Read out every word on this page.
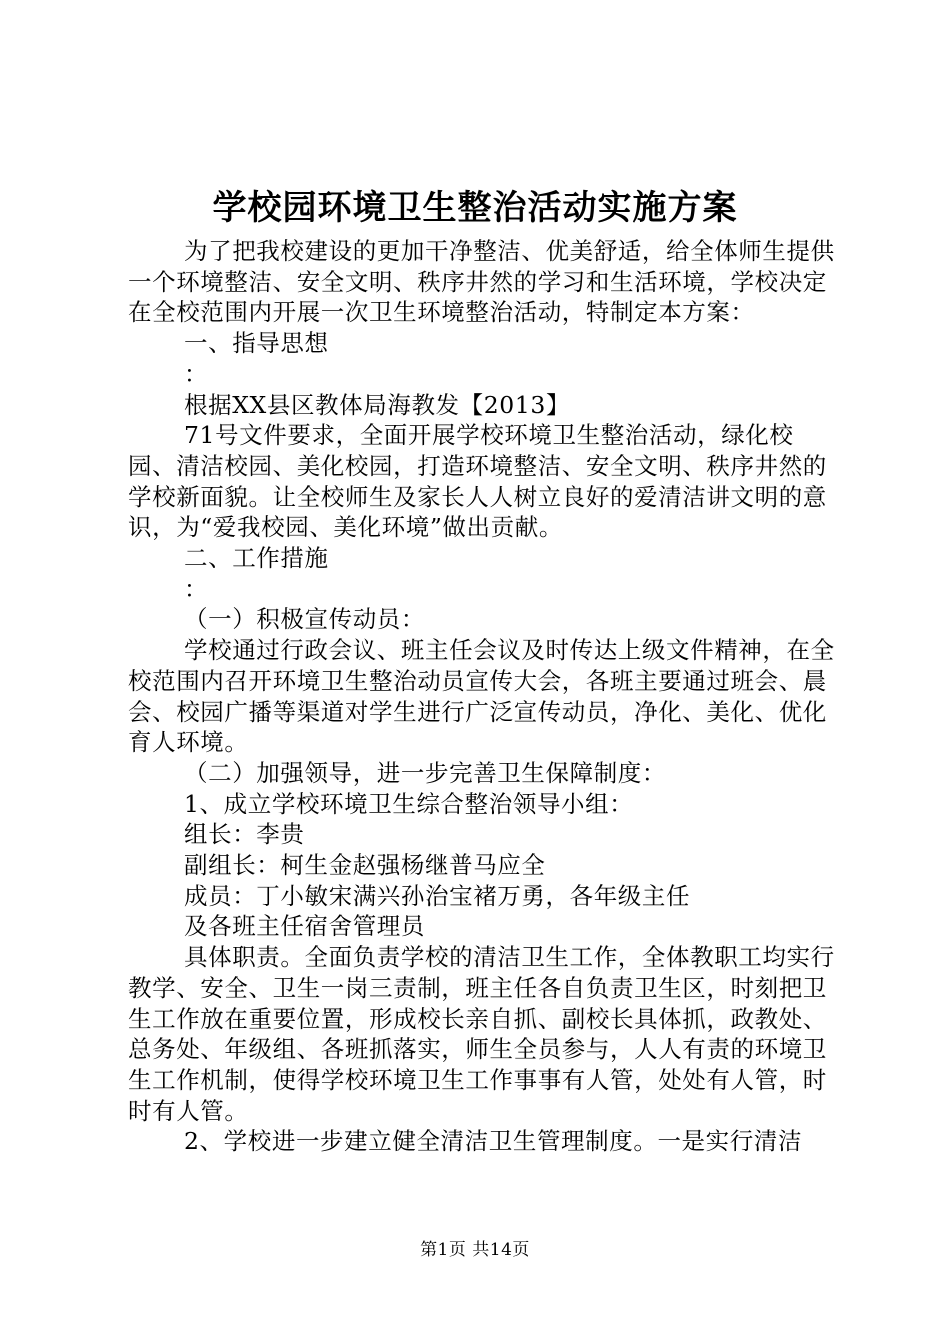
学校园环境卫生整治活动实施方案

为了把我校建设的更加干净整洁、优美舒适，给全体师生提供一个环境整洁、安全文明、秩序井然的学习和生活环境，学校决定在全校范围内开展一次卫生环境整治活动，特制定本方案：

一、指导思想

：

根据XX县区教体局海教发【2013】

71号文件要求，全面开展学校环境卫生整治活动，绿化校园、清洁校园、美化校园，打造环境整洁、安全文明、秩序井然的学校新面貌。让全校师生及家长人人树立良好的爱清洁讲文明的意识，为“爱我校园、美化环境”做出贡献。

二、工作措施

：

（一）积极宣传动员：

学校通过行政会议、班主任会议及时传达上级文件精神，在全校范围内召开环境卫生整治动员宣传大会，各班主要通过班会、晨会、校园广播等渠道对学生进行广泛宣传动员，净化、美化、优化育人环境。

（二）加强领导，进一步完善卫生保障制度：

1、成立学校环境卫生综合整治领导小组：

组长：李贵

副组长：柯生金赵强杨继普马应全

成员：丁小敏宋满兴孙治宝褚万勇，各年级主任

及各班主任宿舍管理员

具体职责。全面负责学校的清洁卫生工作，全体教职工均实行教学、安全、卫生一岗三责制，班主任各自负责卫生区，时刻把卫生工作放在重要位置，形成校长亲自抓、副校长具体抓，政教处、总务处、年级组、各班抓落实，师生全员参与，人人有责的环境卫生工作机制，使得学校环境卫生工作事事有人管，处处有人管，时时有人管。

2、学校进一步建立健全清洁卫生管理制度。一是实行清洁

第1页 共14页
